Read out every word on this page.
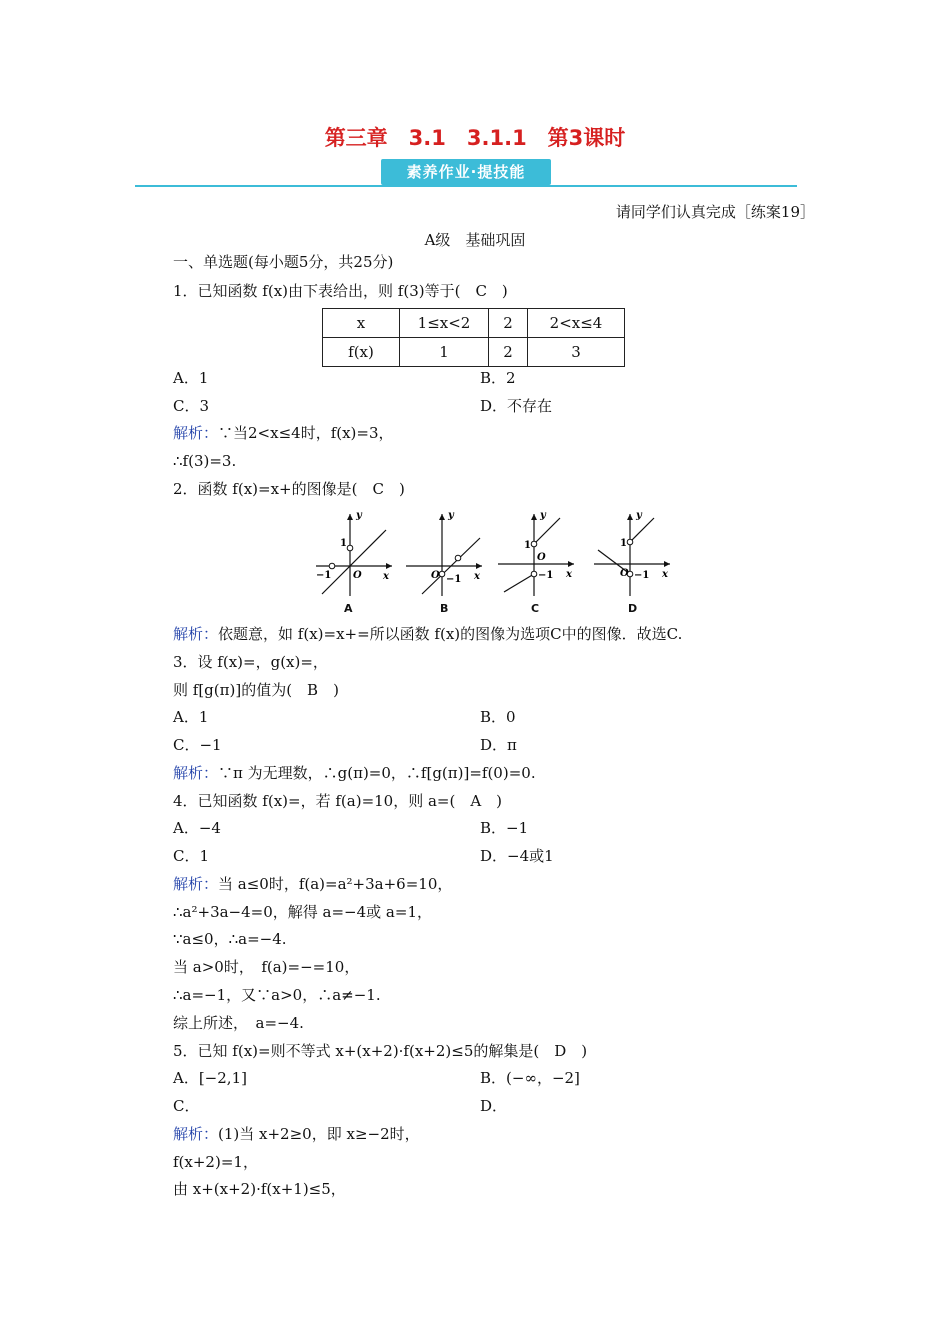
第三章　3.1　3.1.1　第3课时
素养作业·提技能
请同学们认真完成［练案19］
A级　基础巩固
一、单选题(每小题5分，共25分)
1．已知函数 f(x)由下表给出，则 f(3)等于(　C　)
x	1≤x<2	2	2<x≤4
f(x)	1	2	3
A．1	B．2
C．3	D．不存在
解析：∵当2<x≤4时，f(x)=3，
∴f(3)=3.
2．函数 f(x)=x+的图像是(　C　)
y
x
O
1
−1
A
y
x
O −1
B
y
x
O
1
−1
C
y
x
O
1
−1
D
解析：依题意，如 f(x)=x+=所以函数 f(x)的图像为选项C中的图像．故选C.
3．设 f(x)=，g(x)=，
则 f[g(π)]的值为(　B　)
A．1	B．0
C．−1	D．π
解析：∵π 为无理数，∴g(π)=0，∴f[g(π)]=f(0)=0.
4．已知函数 f(x)=，若 f(a)=10，则 a=(　A　)
A．−4	B．−1
C．1	D．−4或1
解析：当 a≤0时，f(a)=a²+3a+6=10，
∴a²+3a−4=0，解得 a=−4或 a=1，
∵a≤0，∴a=−4.
当 a>0时，　f(a)=−=10，
∴a=−1，又∵a>0，∴a≠−1.
综上所述，　a=−4.
5．已知 f(x)=则不等式 x+(x+2)·f(x+2)≤5的解集是(　D　)
A．[−2,1]	B．(−∞，−2]
C．	D．
解析：(1)当 x+2≥0，即 x≥−2时，
f(x+2)=1，
由 x+(x+2)·f(x+1)≤5，
